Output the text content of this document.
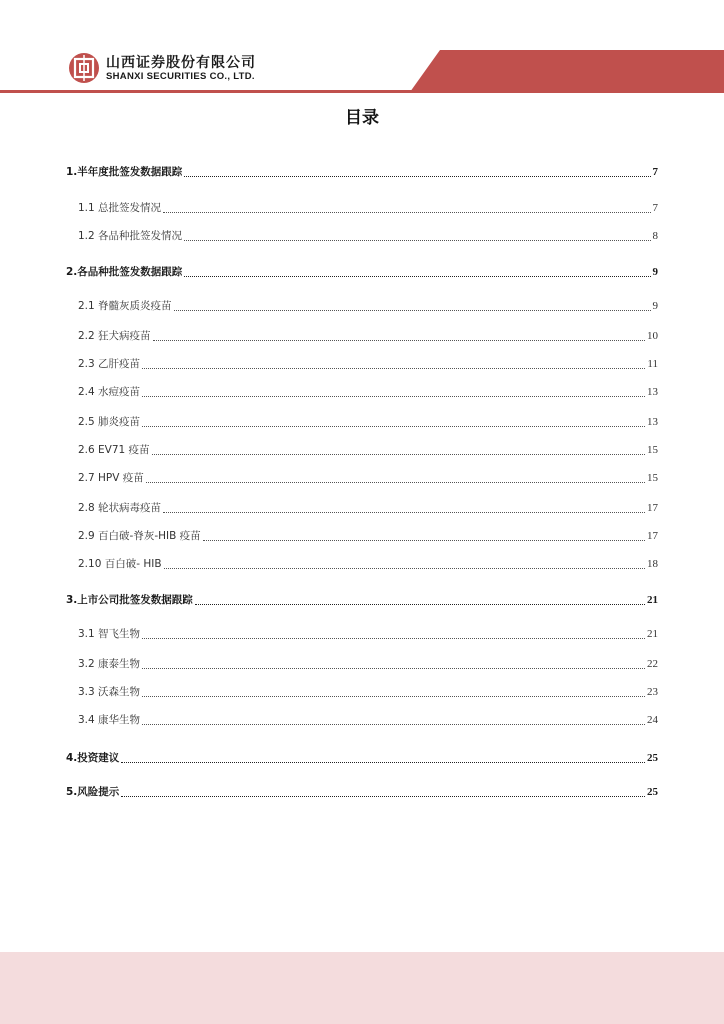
山西证券股份有限公司
SHANXI SECURITIES CO., LTD.
目录
1.半年度批签发数据跟踪	7
1.1 总批签发情况	7
1.2 各品种批签发情况	8
2.各品种批签发数据跟踪	9
2.1 脊髓灰质炎疫苗	9
2.2 狂犬病疫苗	10
2.3 乙肝疫苗	11
2.4 水痘疫苗	13
2.5 肺炎疫苗	13
2.6 EV71 疫苗	15
2.7 HPV 疫苗	15
2.8 轮状病毒疫苗	17
2.9 百白破-脊灰-HIB 疫苗	17
2.10 百白破- HIB	18
3.上市公司批签发数据跟踪	21
3.1 智飞生物	21
3.2 康泰生物	22
3.3 沃森生物	23
3.4 康华生物	24
4.投资建议	25
5.风险提示	25
